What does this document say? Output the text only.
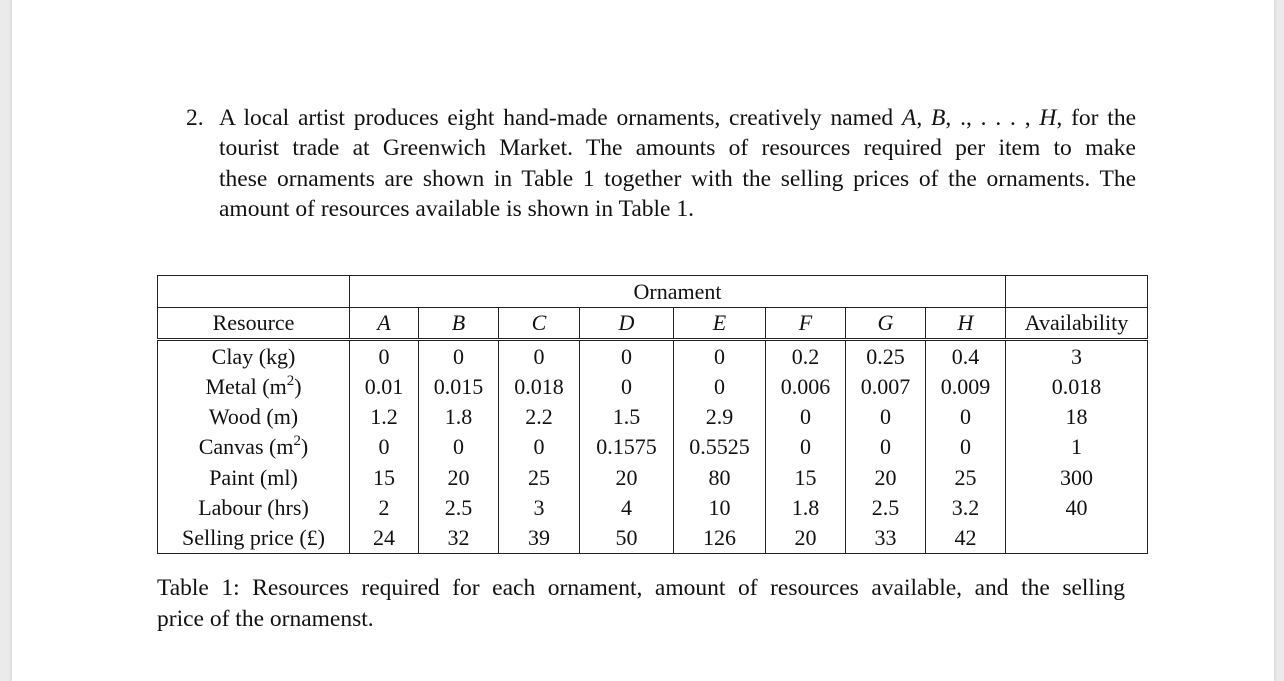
2. A local artist produces eight hand-made ornaments, creatively named A, B, ., . . . , H, for the
tourist trade at Greenwich Market. The amounts of resources required per item to make
these ornaments are shown in Table 1 together with the selling prices of the ornaments. The
amount of resources available is shown in Table 1.
	Ornament								
Resource	A	B	C	D	E	F	G	H	Availability
Clay (kg)	0	0	0	0	0	0.2	0.25	0.4	3
Metal $(m^2)$	0.01	0.015	0.018	0	0	0.006	0.007	0.009	0.018
Wood (m)	1.2	1.8	2.2	1.5	2.9	0	0	0	18
Canvas $(m^2)$	0	0	0	0.1575	0.5525	0	0	0	1
Paint (ml)	15	20	25	20	80	15	20	25	300
Labour (hrs)	2	2.5	3	4	10	1.8	2.5	3.2	40
Selling price (£)	24	32	39	50	126	20	33	42	
Table 1: Resources required for each ornament, amount of resources available, and the selling
price of the ornamenst.
